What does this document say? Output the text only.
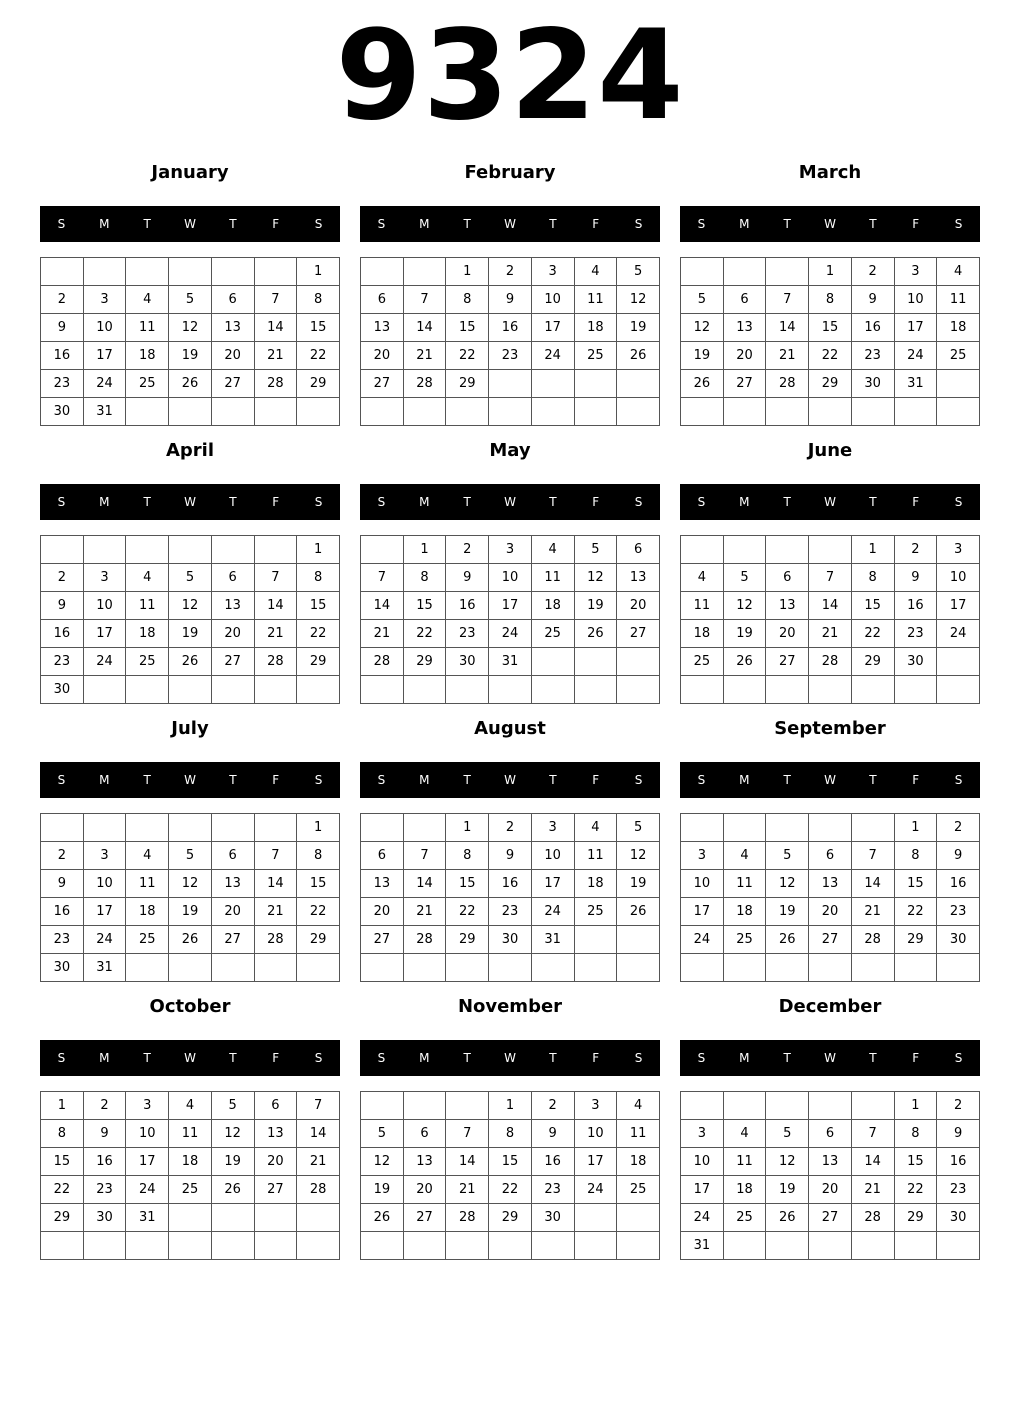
9324
January
S	M	T	W	T	F	S
						1
2	3	4	5	6	7	8
9	10	11	12	13	14	15
16	17	18	19	20	21	22
23	24	25	26	27	28	29
30	31					
February
S	M	T	W	T	F	S
		1	2	3	4	5
6	7	8	9	10	11	12
13	14	15	16	17	18	19
20	21	22	23	24	25	26
27	28	29				

March
S	M	T	W	T	F	S
			1	2	3	4
5	6	7	8	9	10	11
12	13	14	15	16	17	18
19	20	21	22	23	24	25
26	27	28	29	30	31	

April
S	M	T	W	T	F	S
						1
2	3	4	5	6	7	8
9	10	11	12	13	14	15
16	17	18	19	20	21	22
23	24	25	26	27	28	29
30						
May
S	M	T	W	T	F	S
	1	2	3	4	5	6
7	8	9	10	11	12	13
14	15	16	17	18	19	20
21	22	23	24	25	26	27
28	29	30	31			

June
S	M	T	W	T	F	S
				1	2	3
4	5	6	7	8	9	10
11	12	13	14	15	16	17
18	19	20	21	22	23	24
25	26	27	28	29	30	

July
S	M	T	W	T	F	S
						1
2	3	4	5	6	7	8
9	10	11	12	13	14	15
16	17	18	19	20	21	22
23	24	25	26	27	28	29
30	31					
August
S	M	T	W	T	F	S
		1	2	3	4	5
6	7	8	9	10	11	12
13	14	15	16	17	18	19
20	21	22	23	24	25	26
27	28	29	30	31		

September
S	M	T	W	T	F	S
					1	2
3	4	5	6	7	8	9
10	11	12	13	14	15	16
17	18	19	20	21	22	23
24	25	26	27	28	29	30

October
S	M	T	W	T	F	S
1	2	3	4	5	6	7
8	9	10	11	12	13	14
15	16	17	18	19	20	21
22	23	24	25	26	27	28
29	30	31				

November
S	M	T	W	T	F	S
			1	2	3	4
5	6	7	8	9	10	11
12	13	14	15	16	17	18
19	20	21	22	23	24	25
26	27	28	29	30		

December
S	M	T	W	T	F	S
					1	2
3	4	5	6	7	8	9
10	11	12	13	14	15	16
17	18	19	20	21	22	23
24	25	26	27	28	29	30
31						
